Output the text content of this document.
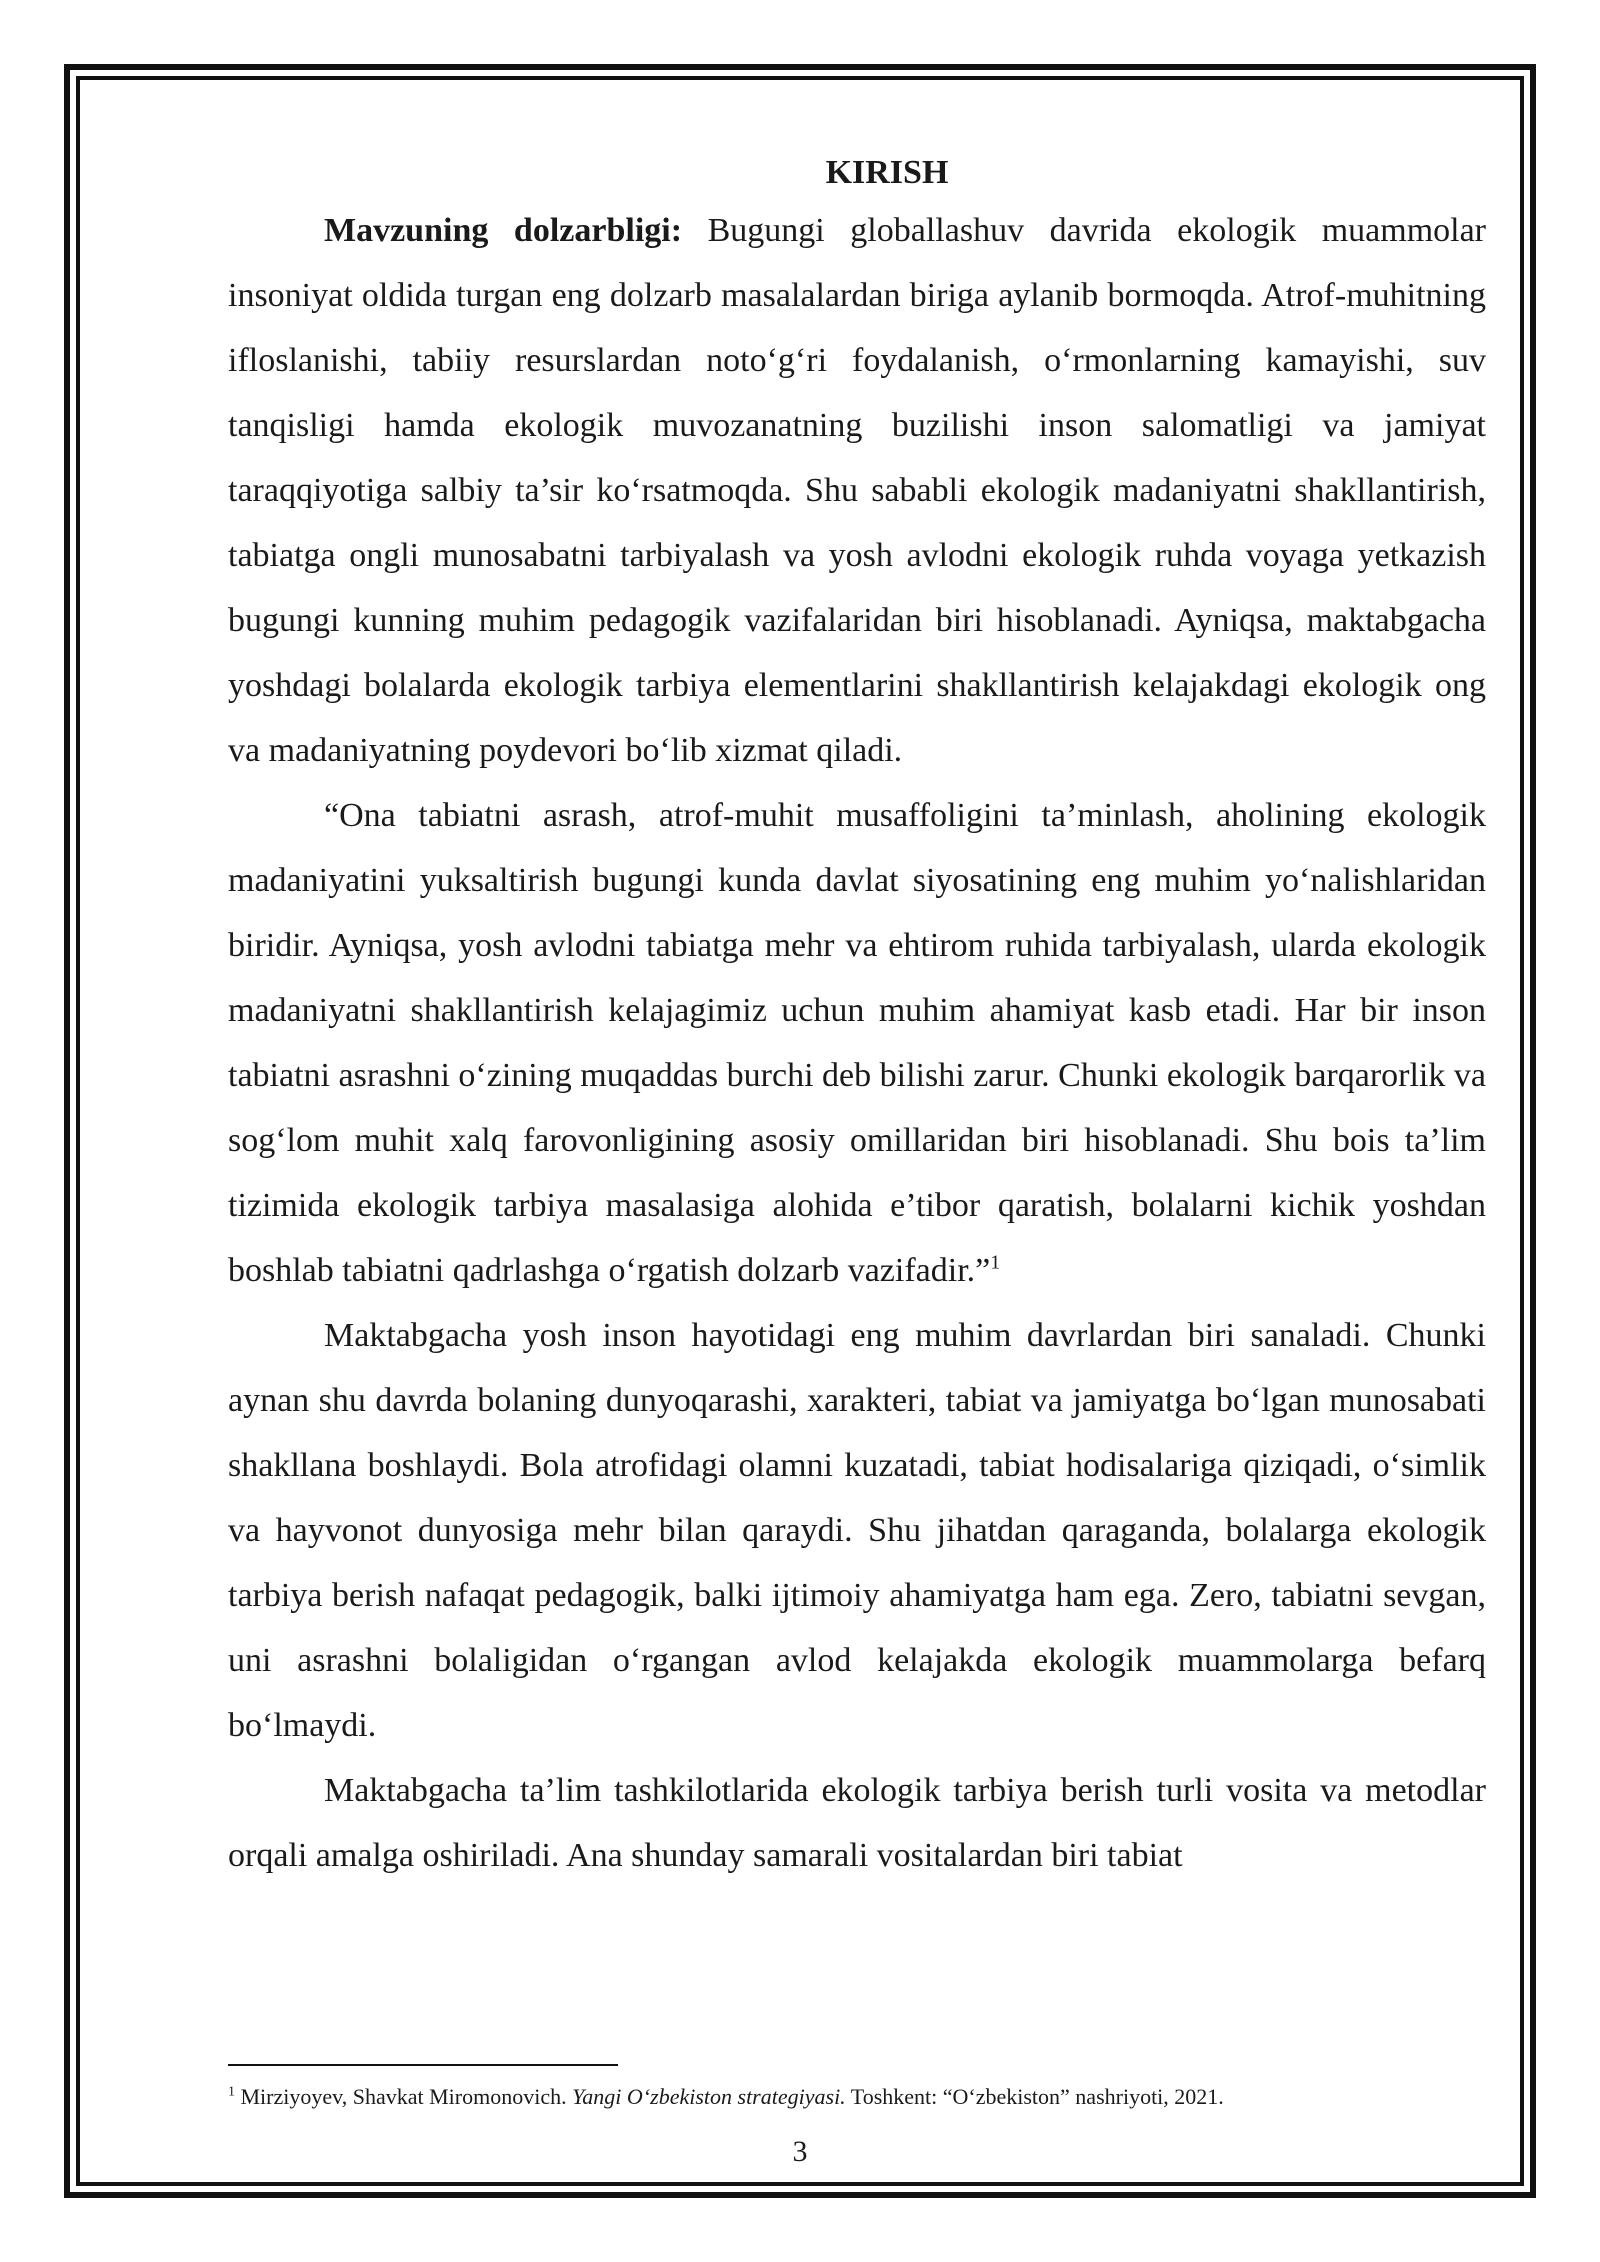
KIRISH

Mavzuning dolzarbligi: Bugungi globallashuv davrida ekologik muammolar insoniyat oldida turgan eng dolzarb masalalardan biriga aylanib bormoqda. Atrof-muhitning ifloslanishi, tabiiy resurslardan noto‘g‘ri foydalanish, o‘rmonlarning kamayishi, suv tanqisligi hamda ekologik muvozanatning buzilishi inson salomatligi va jamiyat taraqqiyotiga salbiy ta’sir ko‘rsatmoqda. Shu sababli ekologik madaniyatni shakllantirish, tabiatga ongli munosabatni tarbiyalash va yosh avlodni ekologik ruhda voyaga yetkazish bugungi kunning muhim pedagogik vazifalaridan biri hisoblanadi. Ayniqsa, maktabgacha yoshdagi bolalarda ekologik tarbiya elementlarini shakllantirish kelajakdagi ekologik ong va madaniyatning poydevori bo‘lib xizmat qiladi.

“Ona tabiatni asrash, atrof-muhit musaffoligini ta’minlash, aholining ekologik madaniyatini yuksaltirish bugungi kunda davlat siyosatining eng muhim yo‘nalishlaridan biridir. Ayniqsa, yosh avlodni tabiatga mehr va ehtirom ruhida tarbiyalash, ularda ekologik madaniyatni shakllantirish kelajagimiz uchun muhim ahamiyat kasb etadi. Har bir inson tabiatni asrashni o‘zining muqaddas burchi deb bilishi zarur. Chunki ekologik barqarorlik va sog‘lom muhit xalq farovonligining asosiy omillaridan biri hisoblanadi. Shu bois ta’lim tizimida ekologik tarbiya masalasiga alohida e’tibor qaratish, bolalarni kichik yoshdan boshlab tabiatni qadrlashga o‘rgatish dolzarb vazifadir.”$^1$

Maktabgacha yosh inson hayotidagi eng muhim davrlardan biri sanaladi. Chunki aynan shu davrda bolaning dunyoqarashi, xarakteri, tabiat va jamiyatga bo‘lgan munosabati shakllana boshlaydi. Bola atrofidagi olamni kuzatadi, tabiat hodisalariga qiziqadi, o‘simlik va hayvonot dunyosiga mehr bilan qaraydi. Shu jihatdan qaraganda, bolalarga ekologik tarbiya berish nafaqat pedagogik, balki ijtimoiy ahamiyatga ham ega. Zero, tabiatni sevgan, uni asrashni bolaligidan o‘rgangan avlod kelajakda ekologik muammolarga befarq bo‘lmaydi.

Maktabgacha ta’lim tashkilotlarida ekologik tarbiya berish turli vosita va metodlar orqali amalga oshiriladi. Ana shunday samarali vositalardan biri tabiat

$^1$ Mirziyoyev, Shavkat Miromonovich. Yangi O‘zbekiston strategiyasi. Toshkent: “O‘zbekiston” nashriyoti, 2021.

3
